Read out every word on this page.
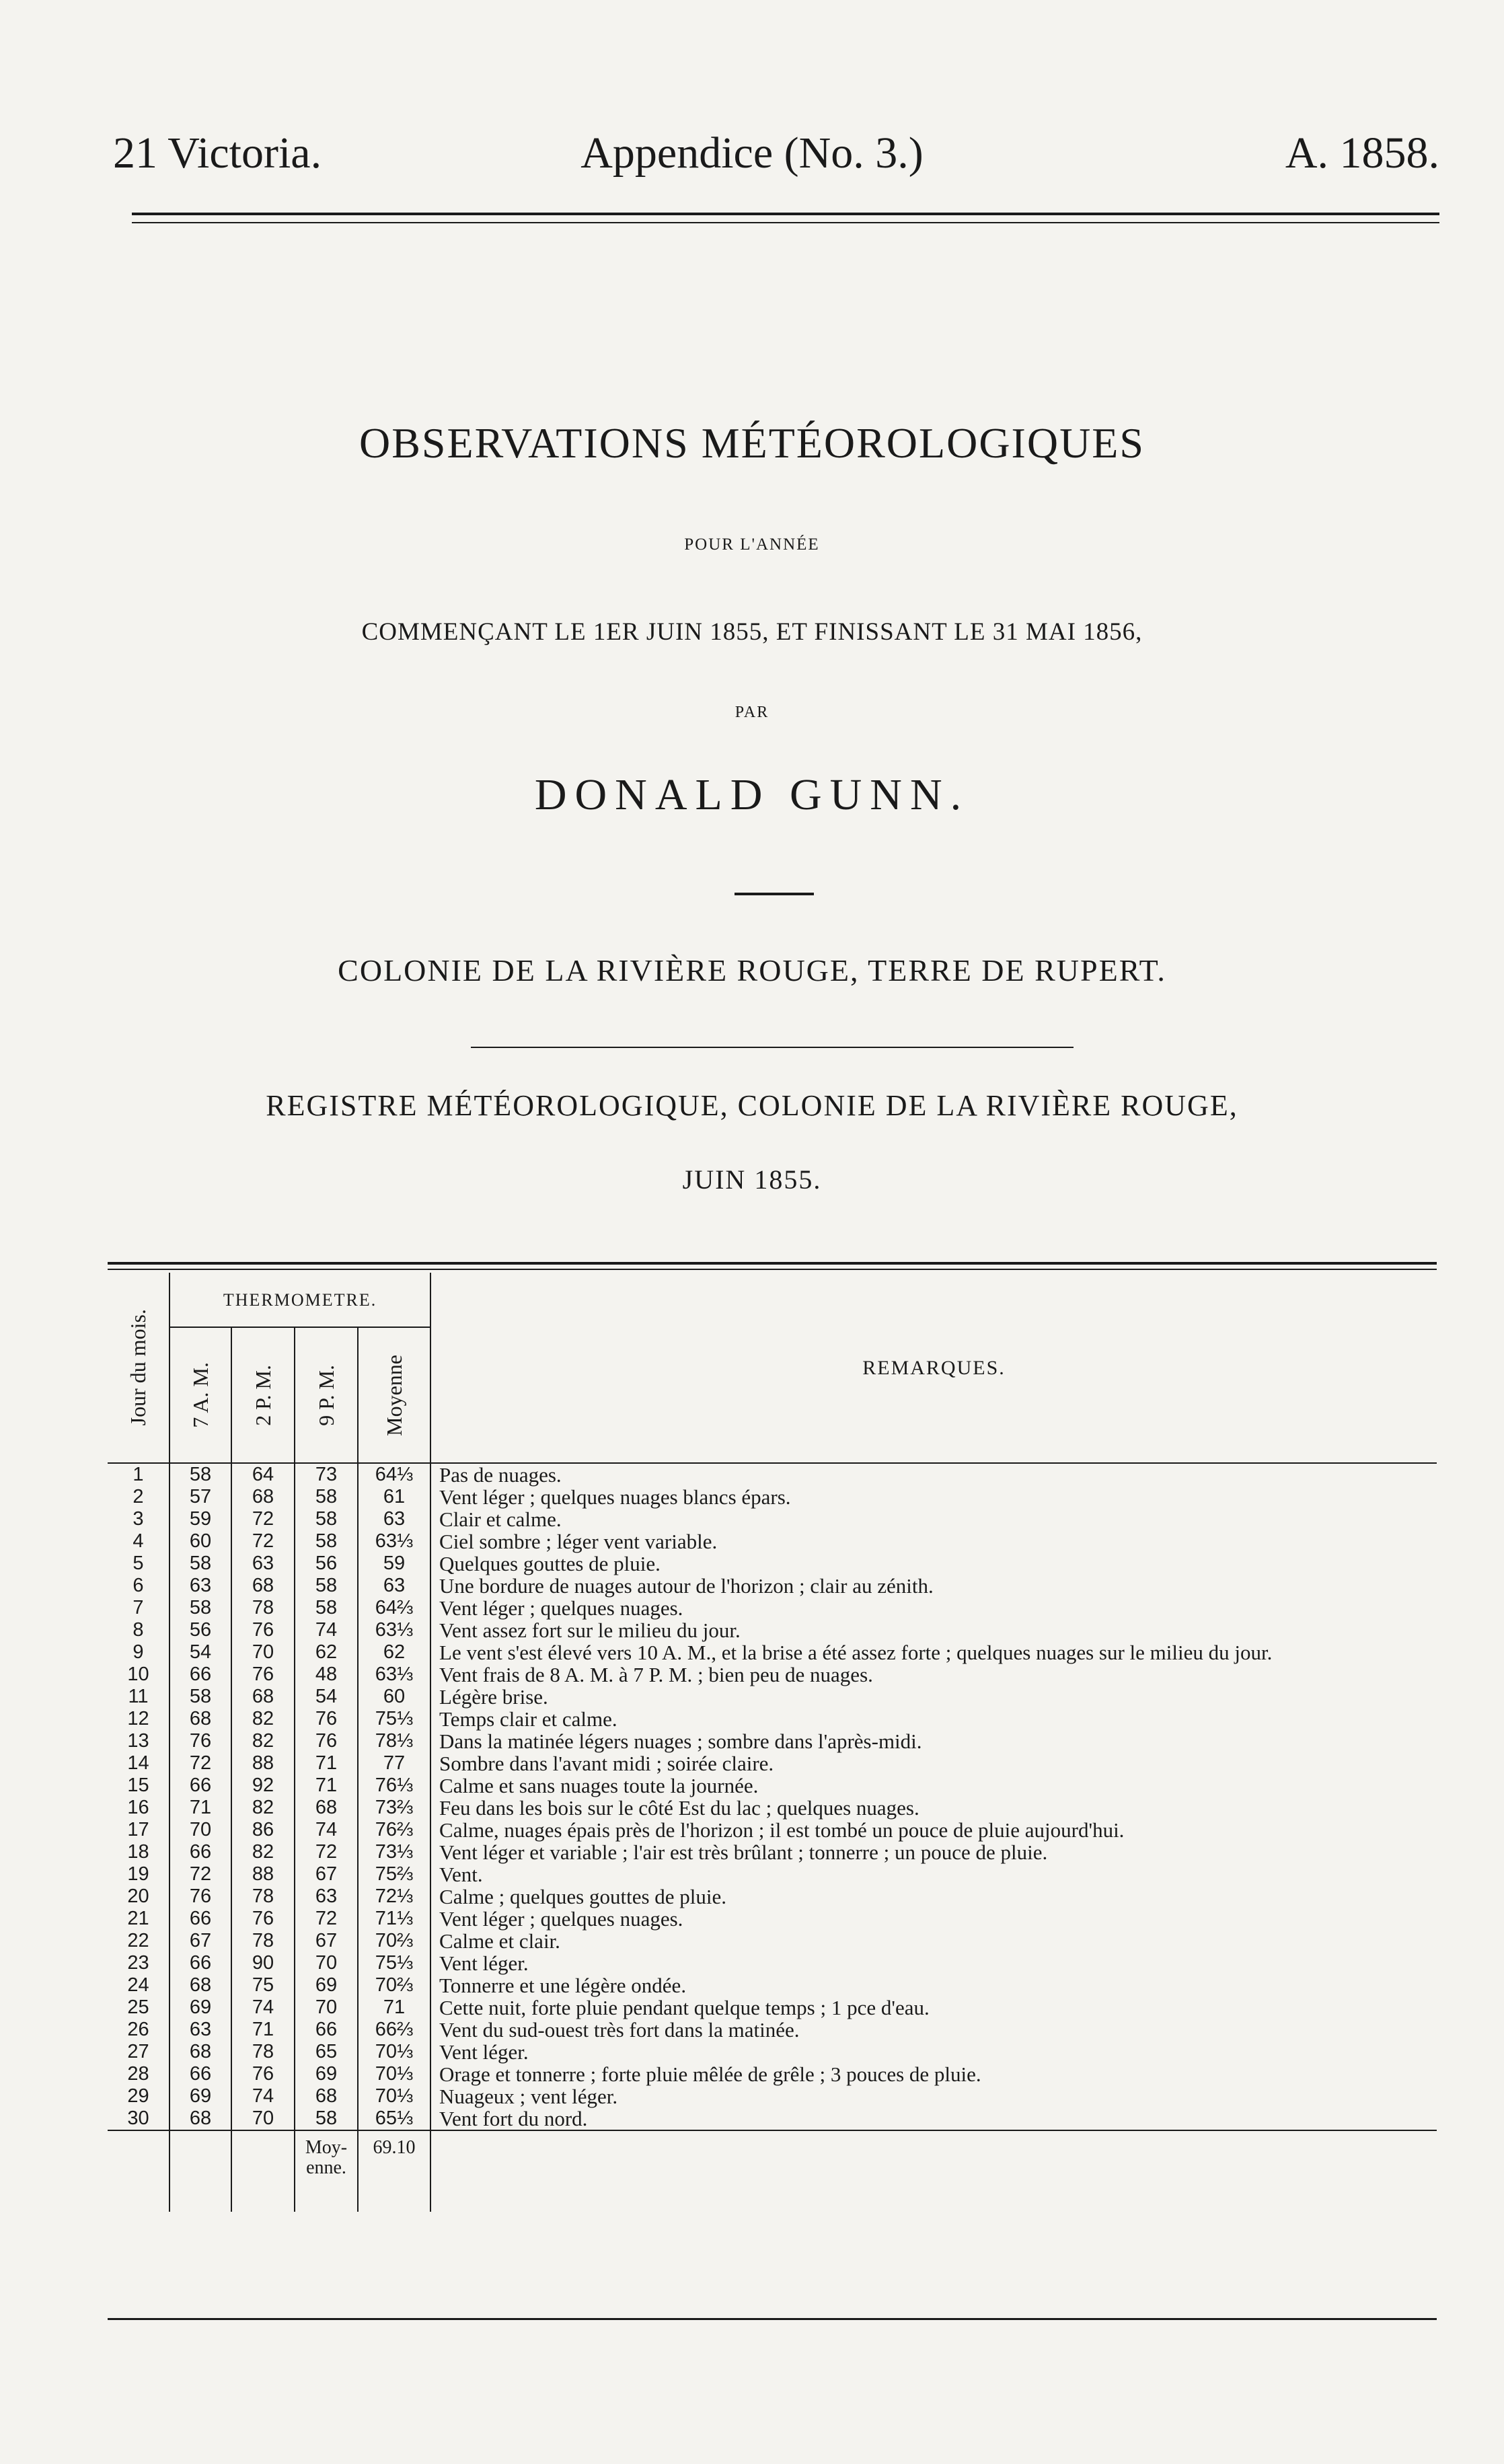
21 Victoria.	Appendice (No. 3.)	A. 1858.
OBSERVATIONS MÉTÉOROLOGIQUES
POUR L'ANNÉE
COMMENÇANT LE 1ER JUIN 1855, ET FINISSANT LE 31 MAI 1856,
PAR
DONALD GUNN.
COLONIE DE LA RIVIÈRE ROUGE, TERRE DE RUPERT.
REGISTRE MÉTÉOROLOGIQUE, COLONIE DE LA RIVIÈRE ROUGE,
JUIN 1855.
Jour du mois.	THERMOMETRE.				REMARQUES.

	7 A. M.	2 P. M.	9 P. M.	Moyenne	

1	58	64	73	64⅓	Pas de nuages.
2	57	68	58	61	Vent léger ; quelques nuages blancs épars.
3	59	72	58	63	Clair et calme.
4	60	72	58	63⅓	Ciel sombre ; léger vent variable.
5	58	63	56	59	Quelques gouttes de pluie.
6	63	68	58	63	Une bordure de nuages autour de l'horizon ; clair au zénith.
7	58	78	58	64⅔	Vent léger ; quelques nuages.
8	56	76	74	63⅓	Vent assez fort sur le milieu du jour.
9	54	70	62	62	Le vent s'est élevé vers 10 A. M., et la brise a été assez forte ; quelques nuages sur le milieu du jour.
10	66	76	48	63⅓	Vent frais de 8 A. M. à 7 P. M. ; bien peu de nuages.
11	58	68	54	60	Légère brise.
12	68	82	76	75⅓	Temps clair et calme.
13	76	82	76	78⅓	Dans la matinée légers nuages ; sombre dans l'après-midi.
14	72	88	71	77	Sombre dans l'avant midi ; soirée claire.
15	66	92	71	76⅓	Calme et sans nuages toute la journée.
16	71	82	68	73⅔	Feu dans les bois sur le côté Est du lac ; quelques nuages.
17	70	86	74	76⅔	Calme, nuages épais près de l'horizon ; il est tombé un pouce de pluie aujourd'hui.
18	66	82	72	73⅓	Vent léger et variable ; l'air est très brûlant ; tonnerre ; un pouce de pluie.
19	72	88	67	75⅔	Vent.
20	76	78	63	72⅓	Calme ; quelques gouttes de pluie.
21	66	76	72	71⅓	Vent léger ; quelques nuages.
22	67	78	67	70⅔	Calme et clair.
23	66	90	70	75⅓	Vent léger.
24	68	75	69	70⅔	Tonnerre et une légère ondée.
25	69	74	70	71	Cette nuit, forte pluie pendant quelque temps ; 1 pce d'eau.
26	63	71	66	66⅔	Vent du sud-ouest très fort dans la matinée.
27	68	78	65	70⅓	Vent léger.
28	66	76	69	70⅓	Orage et tonnerre ; forte pluie mêlée de grêle ; 3 pouces de pluie.
29	69	74	68	70⅓	Nuageux ; vent léger.
30	68	70	58	65⅓	Vent fort du nord.
			Moy-enne.	69.10	
